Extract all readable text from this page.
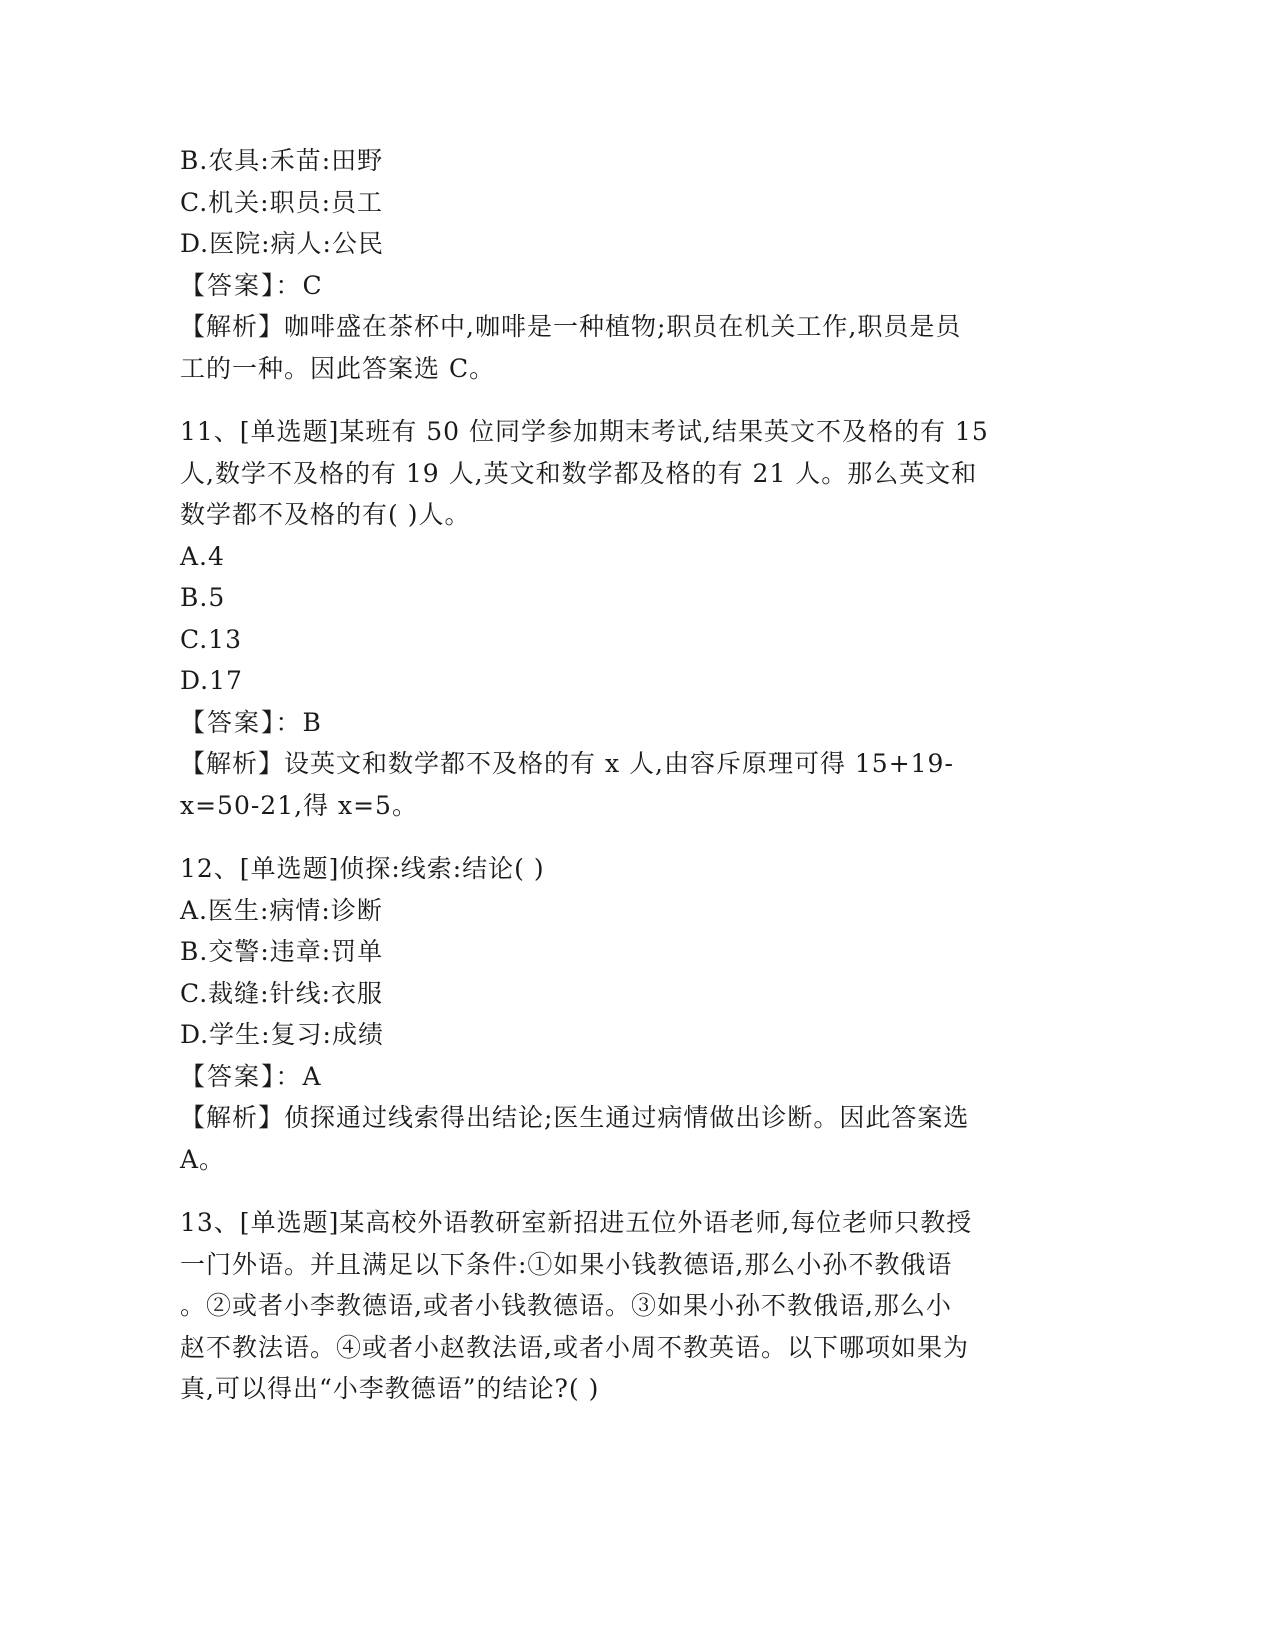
B.农具:禾苗:田野
C.机关:职员:员工
D.医院:病人:公民
【答案】：C
【解析】咖啡盛在茶杯中,咖啡是一种植物;职员在机关工作,职员是员
工的一种。因此答案选 C。
11、[单选题]某班有 50 位同学参加期末考试,结果英文不及格的有 15
人,数学不及格的有 19 人,英文和数学都及格的有 21 人。那么英文和
数学都不及格的有( )人。
A.4
B.5
C.13
D.17
【答案】：B
【解析】设英文和数学都不及格的有 x 人,由容斥原理可得 15+19-
x=50-21,得 x=5。
12、[单选题]侦探:线索:结论( )
A.医生:病情:诊断
B.交警:违章:罚单
C.裁缝:针线:衣服
D.学生:复习:成绩
【答案】：A
【解析】侦探通过线索得出结论;医生通过病情做出诊断。因此答案选
A。
13、[单选题]某高校外语教研室新招进五位外语老师,每位老师只教授
一门外语。并且满足以下条件:①如果小钱教德语,那么小孙不教俄语
。②或者小李教德语,或者小钱教德语。③如果小孙不教俄语,那么小
赵不教法语。④或者小赵教法语,或者小周不教英语。以下哪项如果为
真,可以得出“小李教德语”的结论?( )
